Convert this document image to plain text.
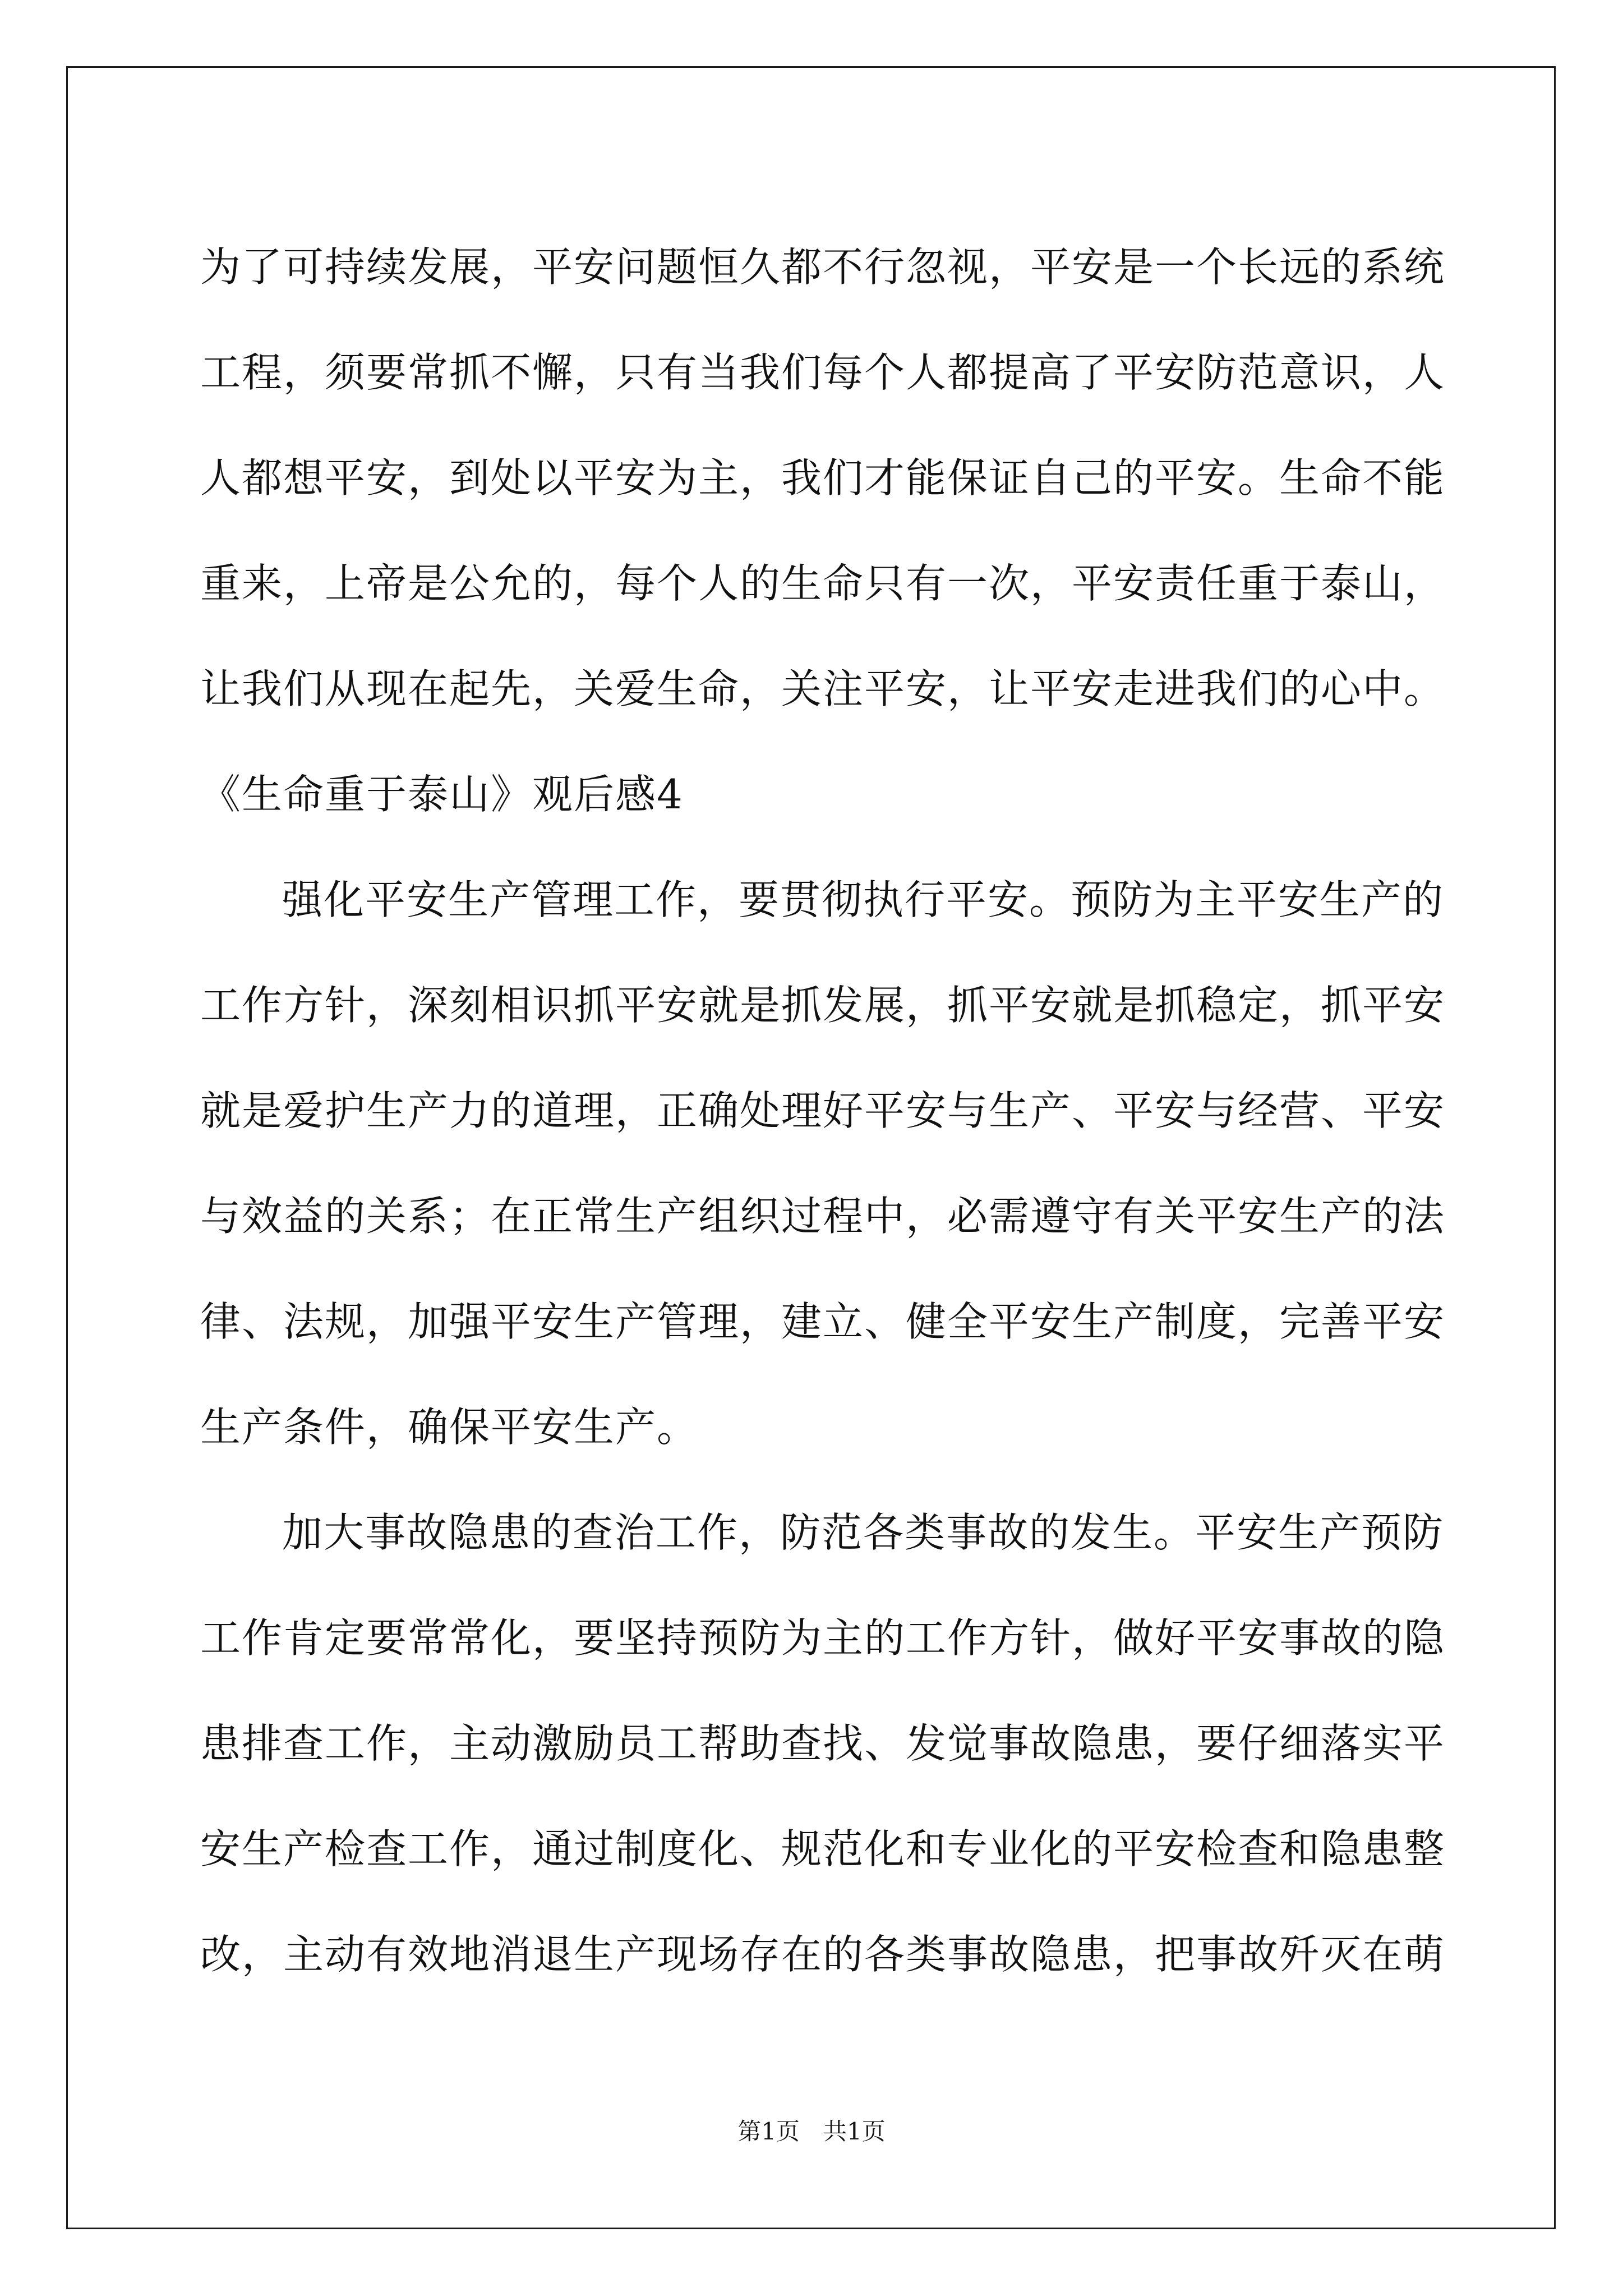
为了可持续发展，平安问题恒久都不行忽视，平安是一个长远的系统
工程，须要常抓不懈，只有当我们每个人都提高了平安防范意识，人
人都想平安，到处以平安为主，我们才能保证自己的平安。生命不能
重来，上帝是公允的，每个人的生命只有一次，平安责任重于泰山，
让我们从现在起先，关爱生命，关注平安，让平安走进我们的心中。
《生命重于泰山》观后感4
强化平安生产管理工作，要贯彻执行平安。预防为主平安生产的
工作方针，深刻相识抓平安就是抓发展，抓平安就是抓稳定，抓平安
就是爱护生产力的道理，正确处理好平安与生产、平安与经营、平安
与效益的关系；在正常生产组织过程中，必需遵守有关平安生产的法
律、法规，加强平安生产管理，建立、健全平安生产制度，完善平安
生产条件，确保平安生产。
加大事故隐患的查治工作，防范各类事故的发生。平安生产预防
工作肯定要常常化，要坚持预防为主的工作方针，做好平安事故的隐
患排查工作，主动激励员工帮助查找、发觉事故隐患，要仔细落实平
安生产检查工作，通过制度化、规范化和专业化的平安检查和隐患整
改，主动有效地消退生产现场存在的各类事故隐患，把事故歼灭在萌
第1页　共1页
